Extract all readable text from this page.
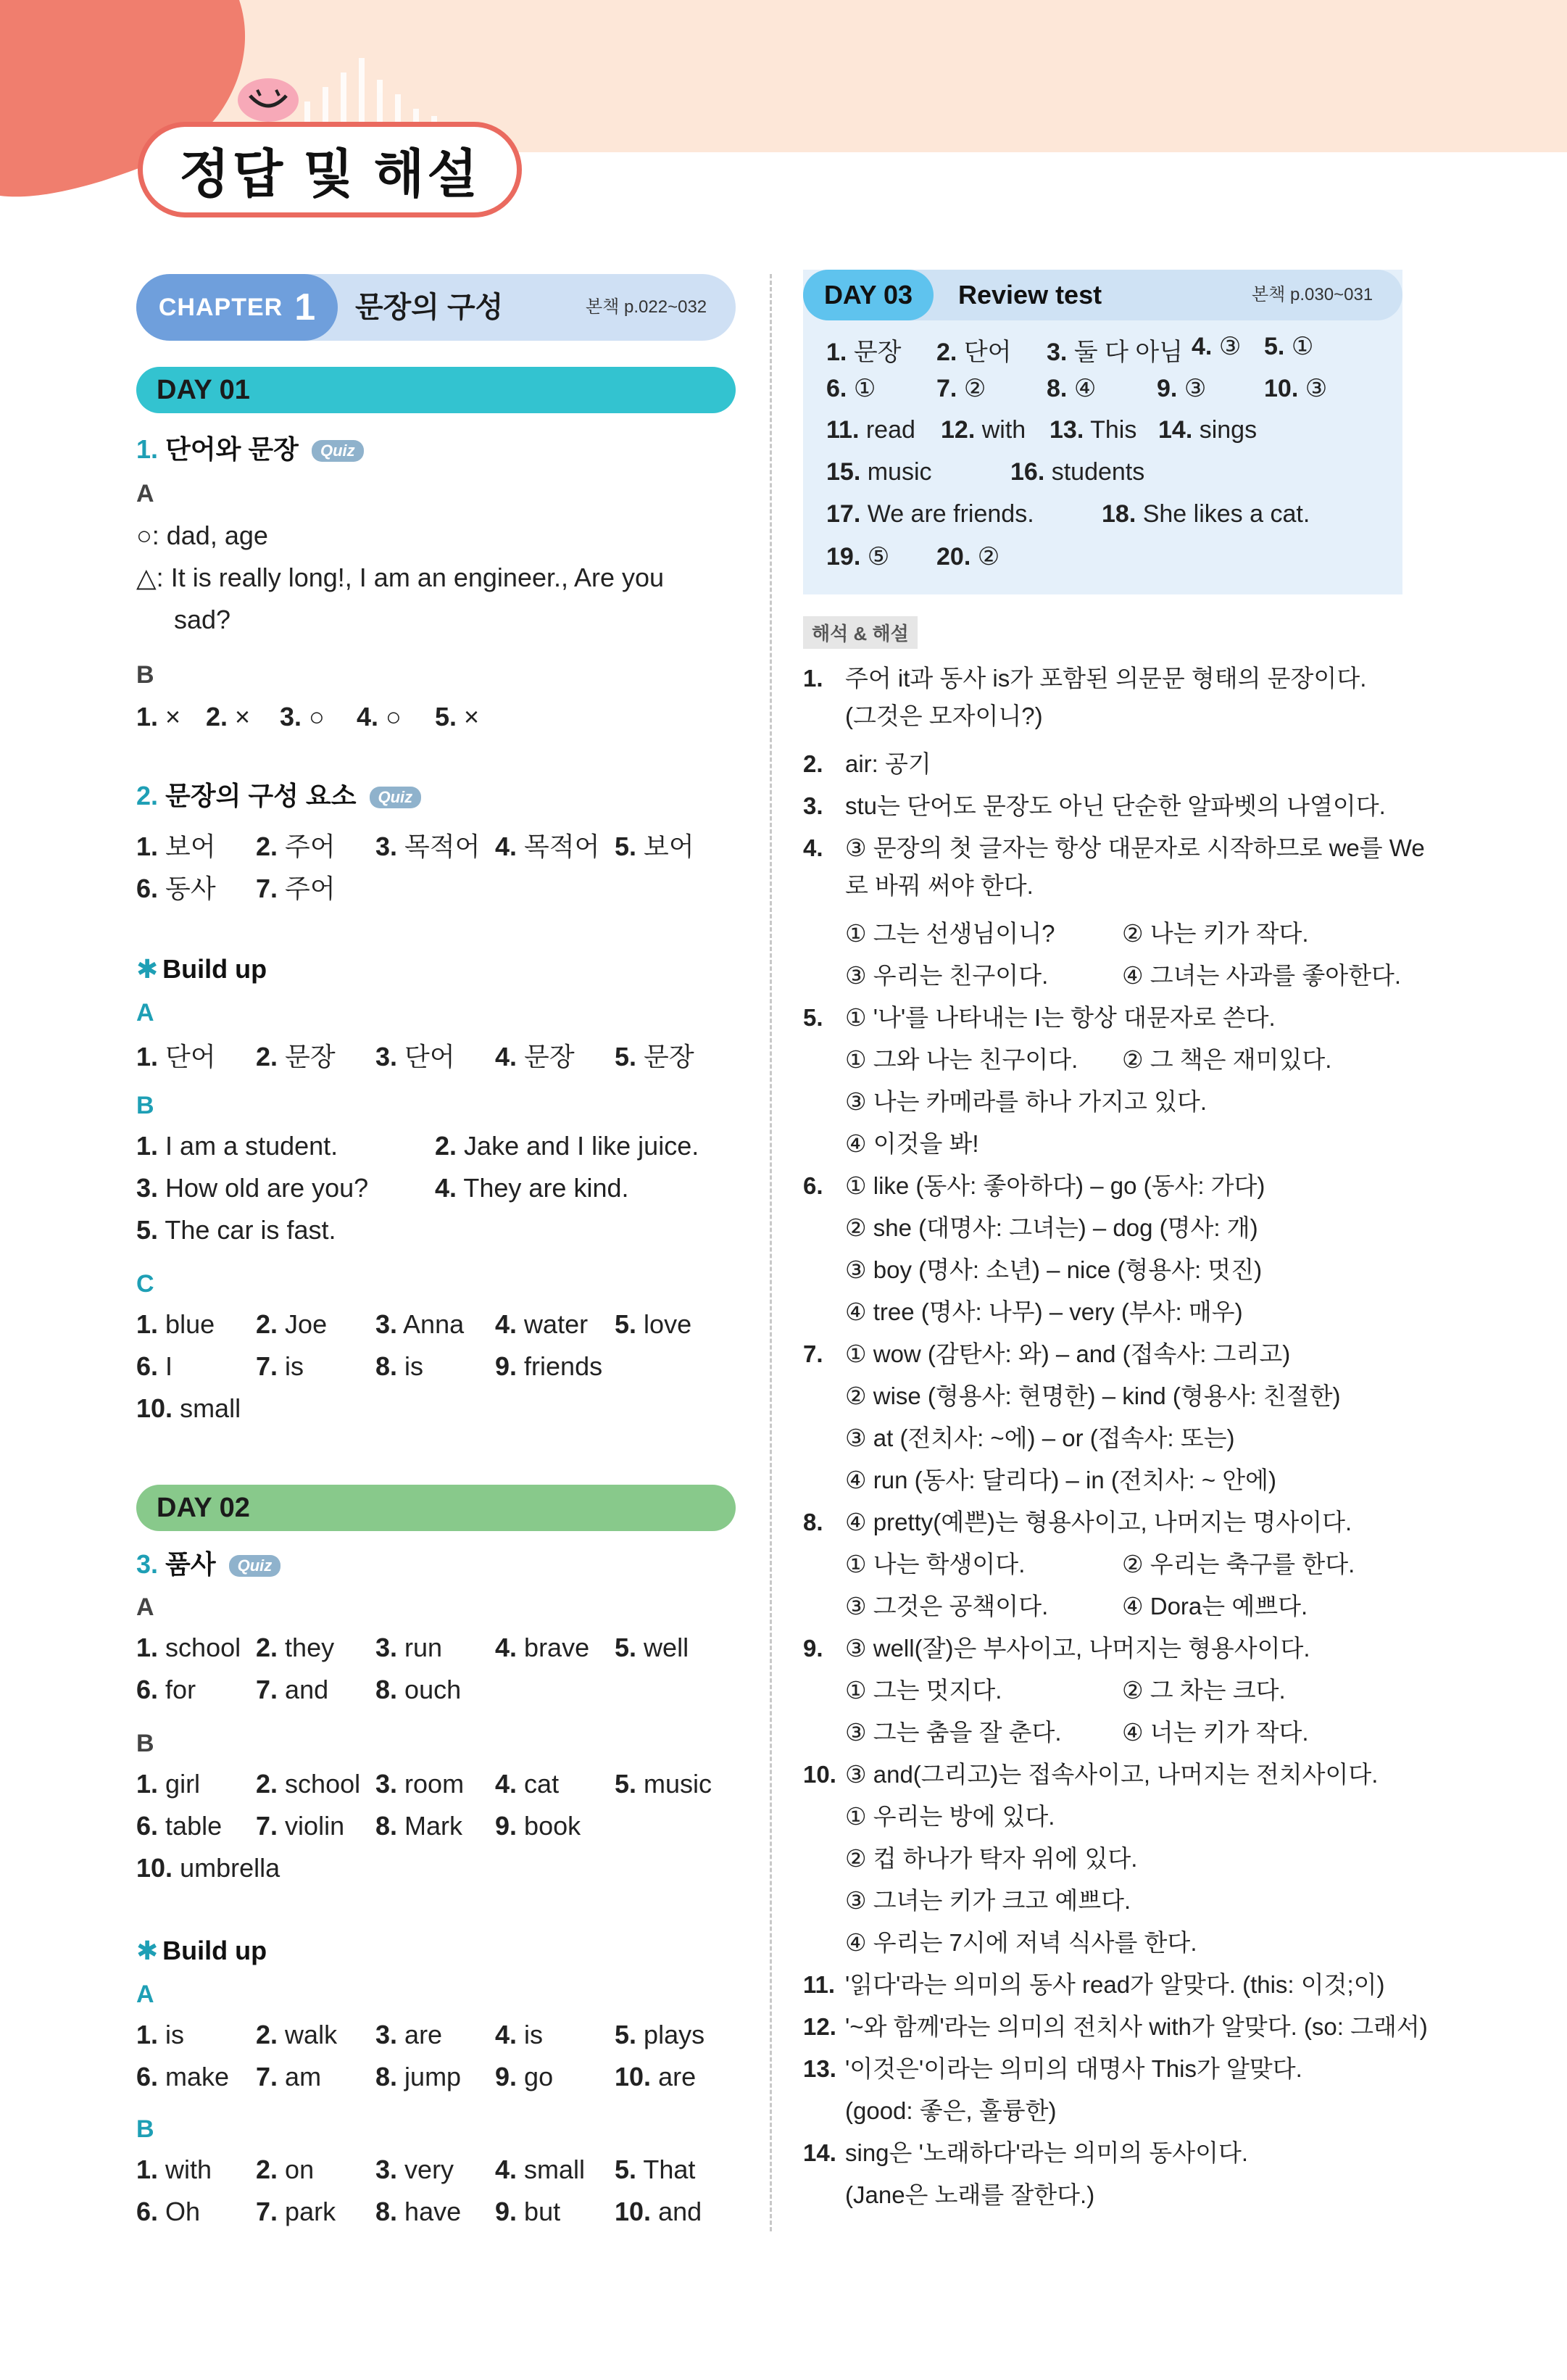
정답 및 해설
CHAPTER 1 문장의 구성	본책 p.022~032
DAY 01
1. 단어와 문장 Quiz
A
○: dad, age
△: It is really long!, I am an engineer., Are you
sad?
B
1. × 2. ×	3. ○	4. ○	5. ×
2. 문장의 구성 요소 Quiz
1. 보어	2. 주어	3. 목적어 4. 목적어 5. 보어
6. 동사	7. 주어
✱ Build up
A
1. 단어	2. 문장	3. 단어	4. 문장	5. 문장
B
1. I am a student.	2. Jake and I like juice.
3. How old are you?	4. They are kind.
5. The car is fast.
C
1. blue	2. Joe	3. Anna	4. water	5. love
6. I	7. is	8. is	9. friends
10. small
DAY 02
3. 품사 Quiz
A
1. school 2. they	3. run	4. brave 5. well
6. for	7. and	8. ouch
B
1. girl	2. school 3. room	4. cat	5. music
6. table	7. violin	8. Mark	9. book
10. umbrella
✱ Build up
A
1. is	2. walk	3. are	4. is	5. plays
6. make	7. am	8. jump	9. go	10. are
B
1. with	2. on	3. very	4. small	5. That
6. Oh	7. park	8. have	9. but	10. and
DAY 03	Review test	본책 p.030~031
1. 문장	2. 단어	3. 둘 다 아님 4. ③ 5. ①
6. ①	7. ②	8. ④	9. ③	10. ③
11. read	12. with 13. This 14. sings
15. music	16. students
17. We are friends.	18. She likes a cat.
19. ⑤	20. ②
해석 & 해설
1. 주어 it과 동사 is가 포함된 의문문 형태의 문장이다.
(그것은 모자이니?)
2. air: 공기
3. stu는 단어도 문장도 아닌 단순한 알파벳의 나열이다.
4. ③ 문장의 첫 글자는 항상 대문자로 시작하므로 we를 We
로 바꿔 써야 한다.
① 그는 선생님이니?	② 나는 키가 작다.
③ 우리는 친구이다.	④ 그녀는 사과를 좋아한다.
5. ① '나'를 나타내는 I는 항상 대문자로 쓴다.
① 그와 나는 친구이다. ② 그 책은 재미있다.
③ 나는 카메라를 하나 가지고 있다.
④ 이것을 봐!
6. ① like (동사: 좋아하다) – go (동사: 가다)
② she (대명사: 그녀는) – dog (명사: 개)
③ boy (명사: 소년) – nice (형용사: 멋진)
④ tree (명사: 나무) – very (부사: 매우)
7. ① wow (감탄사: 와) – and (접속사: 그리고)
② wise (형용사: 현명한) – kind (형용사: 친절한)
③ at (전치사: ~에) – or (접속사: 또는)
④ run (동사: 달리다) – in (전치사: ~ 안에)
8. ④ pretty(예쁜)는 형용사이고, 나머지는 명사이다.
① 나는 학생이다.	② 우리는 축구를 한다.
③ 그것은 공책이다.	④ Dora는 예쁘다.
9. ③ well(잘)은 부사이고, 나머지는 형용사이다.
① 그는 멋지다.	② 그 차는 크다.
③ 그는 춤을 잘 춘다.	④ 너는 키가 작다.
10. ③ and(그리고)는 접속사이고, 나머지는 전치사이다.
① 우리는 방에 있다.
② 컵 하나가 탁자 위에 있다.
③ 그녀는 키가 크고 예쁘다.
④ 우리는 7시에 저녁 식사를 한다.
11. '읽다'라는 의미의 동사 read가 알맞다. (this: 이것;이)
12. '~와 함께'라는 의미의 전치사 with가 알맞다. (so: 그래서)
13. '이것은'이라는 의미의 대명사 This가 알맞다.
(good: 좋은, 훌륭한)
14. sing은 '노래하다'라는 의미의 동사이다.
(Jane은 노래를 잘한다.)
